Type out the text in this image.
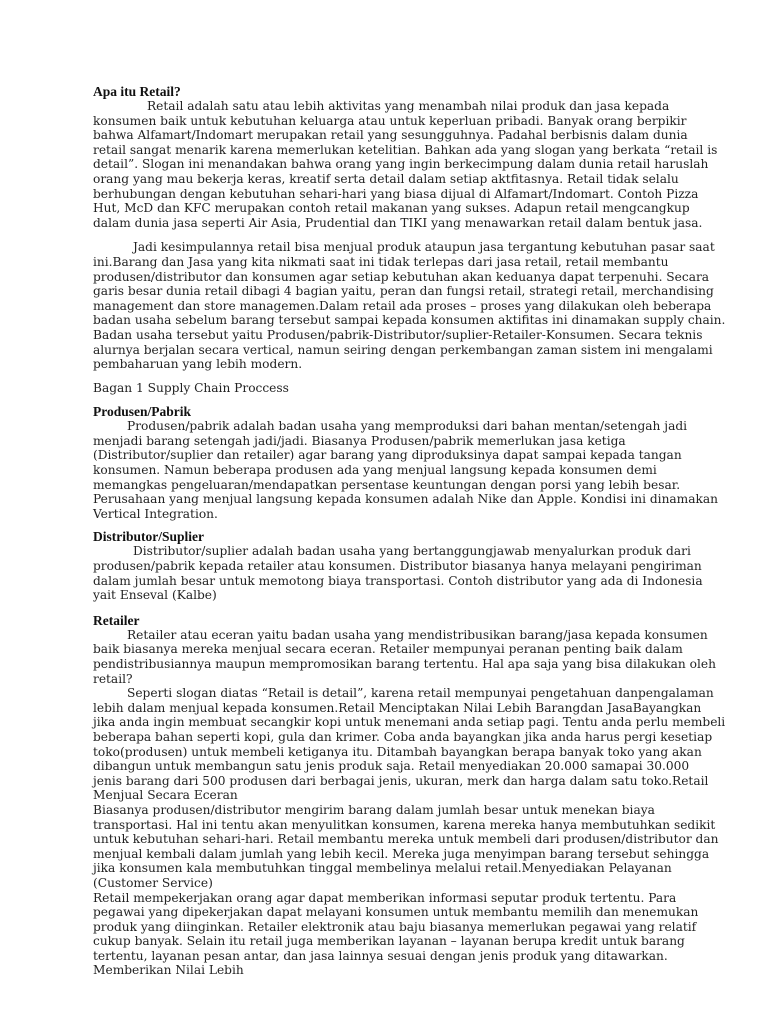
Apa itu Retail?
Retail adalah satu atau lebih aktivitas yang menambah nilai produk dan jasa kepada
konsumen baik untuk kebutuhan keluarga atau untuk keperluan pribadi. Banyak orang berpikir
bahwa Alfamart/Indomart merupakan retail yang sesungguhnya. Padahal berbisnis dalam dunia
retail sangat menarik karena memerlukan ketelitian. Bahkan ada yang slogan yang berkata “retail is
detail”. Slogan ini menandakan bahwa orang yang ingin berkecimpung dalam dunia retail haruslah
orang yang mau bekerja keras, kreatif serta detail dalam setiap aktfitasnya. Retail tidak selalu
berhubungan dengan kebutuhan sehari-hari yang biasa dijual di Alfamart/Indomart. Contoh Pizza
Hut, McD dan KFC merupakan contoh retail makanan yang sukses. Adapun retail mengcangkup
dalam dunia jasa seperti Air Asia, Prudential dan TIKI yang menawarkan retail dalam bentuk jasa.
Jadi kesimpulannya retail bisa menjual produk ataupun jasa tergantung kebutuhan pasar saat
ini.Barang dan Jasa yang kita nikmati saat ini tidak terlepas dari jasa retail, retail membantu
produsen/distributor dan konsumen agar setiap kebutuhan akan keduanya dapat terpenuhi. Secara
garis besar dunia retail dibagi 4 bagian yaitu, peran dan fungsi retail, strategi retail, merchandising
management dan store managemen.Dalam retail ada proses – proses yang dilakukan oleh beberapa
badan usaha sebelum barang tersebut sampai kepada konsumen aktifitas ini dinamakan supply chain.
Badan usaha tersebut yaitu Produsen/pabrik-Distributor/suplier-Retailer-Konsumen. Secara teknis
alurnya berjalan secara vertical, namun seiring dengan perkembangan zaman sistem ini mengalami
pembaharuan yang lebih modern.
Bagan 1 Supply Chain Proccess
Produsen/Pabrik
Produsen/pabrik adalah badan usaha yang memproduksi dari bahan mentan/setengah jadi
menjadi barang setengah jadi/jadi. Biasanya Produsen/pabrik memerlukan jasa ketiga
(Distributor/suplier dan retailer) agar barang yang diproduksinya dapat sampai kepada tangan
konsumen. Namun beberapa produsen ada yang menjual langsung kepada konsumen demi
memangkas pengeluaran/mendapatkan persentase keuntungan dengan porsi yang lebih besar.
Perusahaan yang menjual langsung kepada konsumen adalah Nike dan Apple. Kondisi ini dinamakan
Vertical Integration.
Distributor/Suplier
Distributor/suplier adalah badan usaha yang bertanggungjawab menyalurkan produk dari
produsen/pabrik kepada retailer atau konsumen. Distributor biasanya hanya melayani pengiriman
dalam jumlah besar untuk memotong biaya transportasi. Contoh distributor yang ada di Indonesia
yait Enseval (Kalbe)
Retailer
Retailer atau eceran yaitu badan usaha yang mendistribusikan barang/jasa kepada konsumen
baik biasanya mereka menjual secara eceran. Retailer mempunyai peranan penting baik dalam
pendistribusiannya maupun mempromosikan barang tertentu. Hal apa saja yang bisa dilakukan oleh
retail?
Seperti slogan diatas “Retail is detail”, karena retail mempunyai pengetahuan danpengalaman
lebih dalam menjual kepada konsumen.Retail Menciptakan Nilai Lebih Barangdan JasaBayangkan
jika anda ingin membuat secangkir kopi untuk menemani anda setiap pagi. Tentu anda perlu membeli
beberapa bahan seperti kopi, gula dan krimer. Coba anda bayangkan jika anda harus pergi kesetiap
toko(produsen) untuk membeli ketiganya itu. Ditambah bayangkan berapa banyak toko yang akan
dibangun untuk membangun satu jenis produk saja. Retail menyediakan 20.000 samapai 30.000
jenis barang dari 500 produsen dari berbagai jenis, ukuran, merk dan harga dalam satu toko.Retail
Menjual Secara Eceran
Biasanya produsen/distributor mengirim barang dalam jumlah besar untuk menekan biaya
transportasi. Hal ini tentu akan menyulitkan konsumen, karena mereka hanya membutuhkan sedikit
untuk kebutuhan sehari-hari. Retail membantu mereka untuk membeli dari produsen/distributor dan
menjual kembali dalam jumlah yang lebih kecil. Mereka juga menyimpan barang tersebut sehingga
jika konsumen kala membutuhkan tinggal membelinya melalui retail.Menyediakan Pelayanan
(Customer Service)
Retail mempekerjakan orang agar dapat memberikan informasi seputar produk tertentu. Para
pegawai yang dipekerjakan dapat melayani konsumen untuk membantu memilih dan menemukan
produk yang diinginkan. Retailer elektronik atau baju biasanya memerlukan pegawai yang relatif
cukup banyak. Selain itu retail juga memberikan layanan – layanan berupa kredit untuk barang
tertentu, layanan pesan antar, dan jasa lainnya sesuai dengan jenis produk yang ditawarkan.
Memberikan Nilai Lebih
